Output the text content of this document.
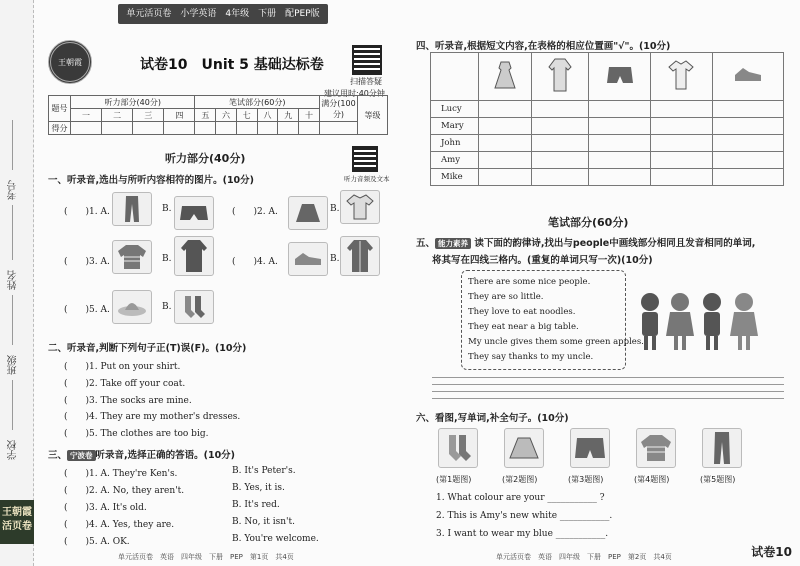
考号
姓名
班级
学校
王朝霞 活页卷
单元活页卷　小学英语　4年级　下册　配PEP版
王朝霞	试卷10　Unit 5 基础达标卷
扫描答疑
建议用时:40分钟
题号	听力部分(40分)				笔试部分(60分)						满分(100分)	等级
	一	二	三	四	五	六	七	八	九	十		
得分												
听力部分(40分)
听力音频及文本
一、听录音,选出与所听内容相符的图片。(10分)
(　　)1. A.	B.	(　　)2. A.	B.
(　　)3. A.	B.	(　　)4. A.	B.
(　　)5. A.	B.
二、听录音,判断下列句子正(T)误(F)。(10分)
(　　)1. Put on your shirt.
(　　)2. Take off your coat.
(　　)3. The socks are mine.
(　　)4. They are my mother's dresses.
(　　)5. The clothes are too big.
三、 宁波卷 听录音,选择正确的答语。(10分)
(　　)1. A. They're Ken's.	B. It's Peter's.
(　　)2. A. No, they aren't.	B. Yes, it is.
(　　)3. A. It's old.	B. It's red.
(　　)4. A. Yes, they are.	B. No, it isn't.
(　　)5. A. OK.	B. You're welcome.
单元活页卷　英语　四年级　下册　PEP　第1页　共4页
四、听录音,根据短文内容,在表格的相应位置画"√"。(10分)

Lucy					
Mary					
John					
Amy					
Mike					
笔试部分(60分)
五、 能力素养 读下面的韵律诗,找出与people中画线部分相同且发音相同的单词,
将其写在四线三格内。(重复的单词只写一次)(10分)
There are some nice people.
They are so little.
They love to eat noodles.
They eat near a big table.
My uncle gives them some green apples.
They say thanks to my uncle.
六、看图,写单词,补全句子。(10分)
(第1题图)	(第2题图)	(第3题图)	(第4题图)	(第5题图)
1. What colour are your ___________ ?
2. This is Amy's new white ___________.
3. I want to wear my blue ___________.
单元活页卷　英语　四年级　下册　PEP　第2页　共4页	试卷10
